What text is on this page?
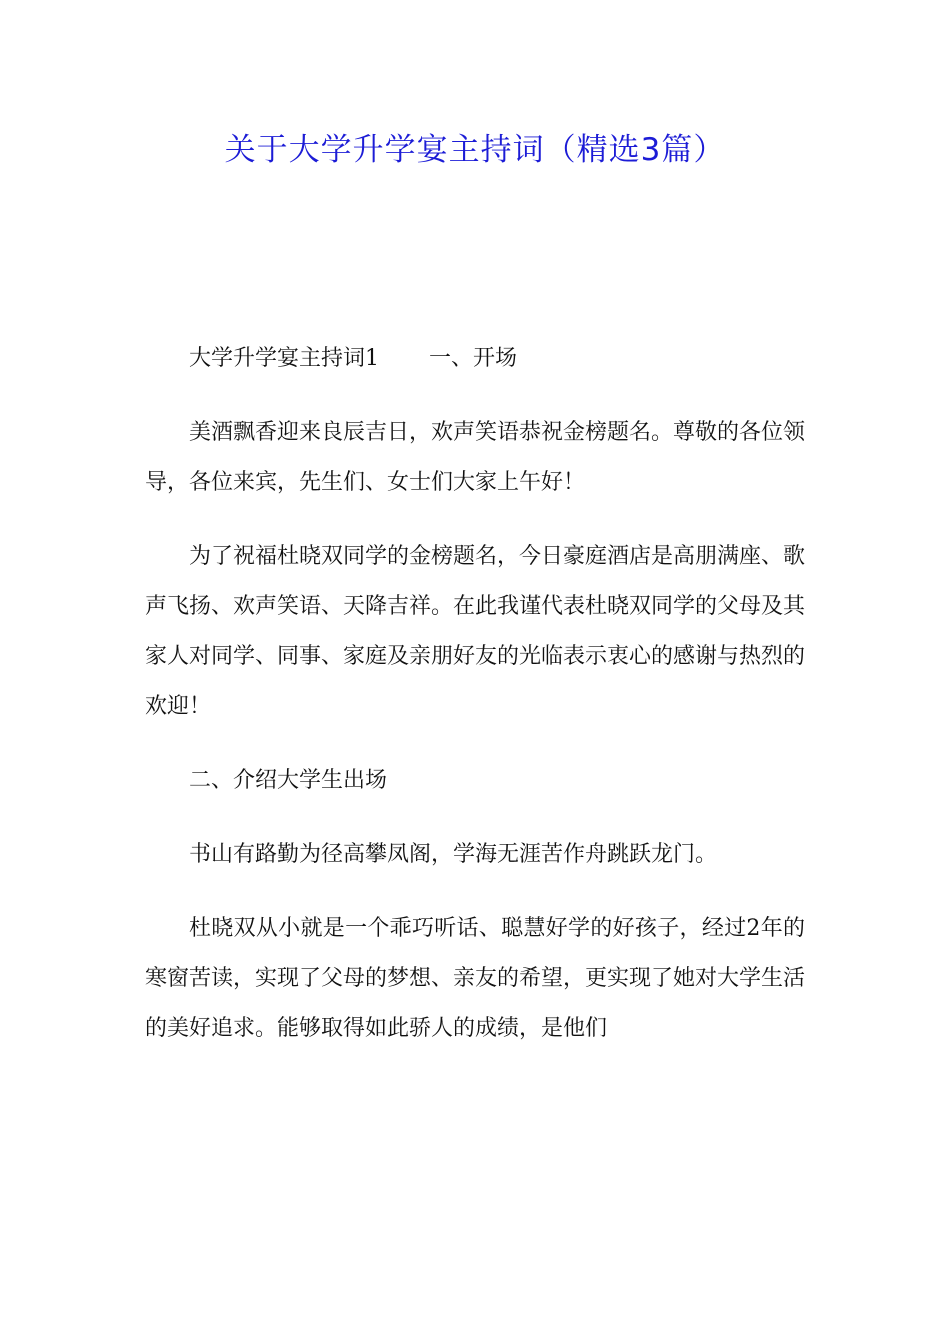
关于大学升学宴主持词（精选3篇）

大学升学宴主持词1 一、开场

美酒飘香迎来良辰吉日，欢声笑语恭祝金榜题名。尊敬的各位领导，各位来宾，先生们、女士们大家上午好！

为了祝福杜晓双同学的金榜题名，今日豪庭酒店是高朋满座、歌声飞扬、欢声笑语、天降吉祥。在此我谨代表杜晓双同学的父母及其家人对同学、同事、家庭及亲朋好友的光临表示衷心的感谢与热烈的欢迎！

二、介绍大学生出场

书山有路勤为径高攀凤阁，学海无涯苦作舟跳跃龙门。

杜晓双从小就是一个乖巧听话、聪慧好学的好孩子，经过2年的寒窗苦读，实现了父母的梦想、亲友的希望，更实现了她对大学生活的美好追求。能够取得如此骄人的成绩，是他们
